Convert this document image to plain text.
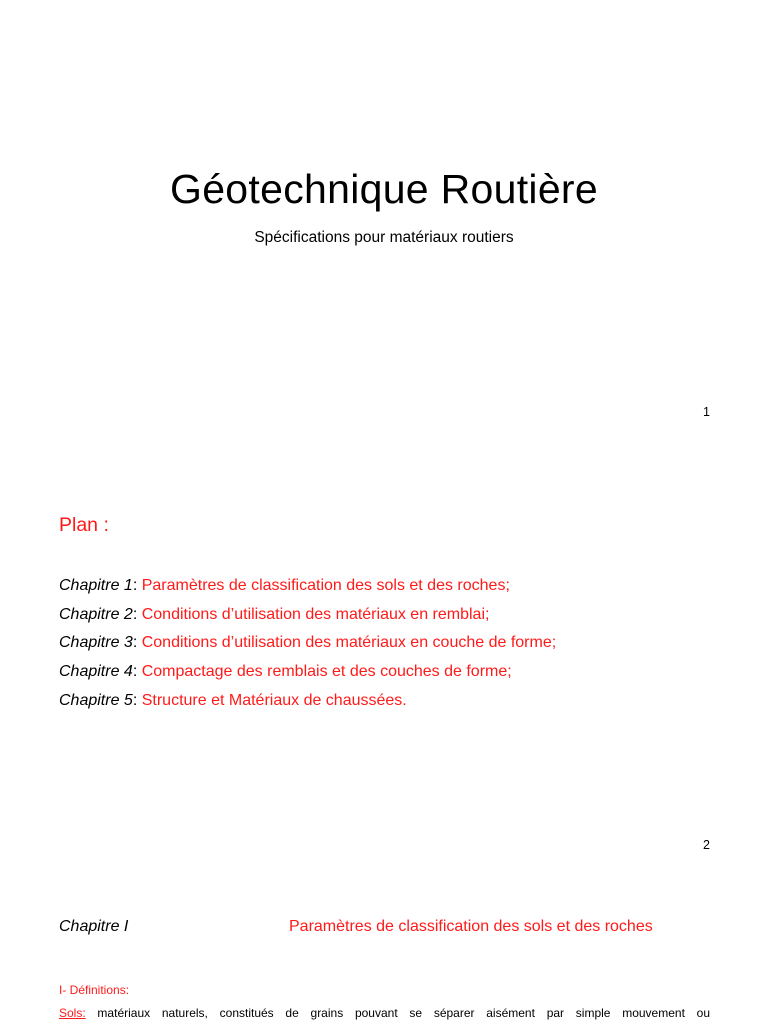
Géotechnique Routière
Spécifications pour matériaux routiers
1
Plan :
Chapitre 1: Paramètres de classification des sols et des roches;
Chapitre 2: Conditions d’utilisation des matériaux en remblai;
Chapitre 3: Conditions d’utilisation des matériaux en couche de forme;
Chapitre 4: Compactage des remblais et des couches de forme;
Chapitre 5: Structure et Matériaux de chaussées.
2
Chapitre I	Paramètres de classification des sols et des roches
I- Définitions:
Sols: matériaux naturels, constitués de grains pouvant se séparer aisément par simple mouvement ou
